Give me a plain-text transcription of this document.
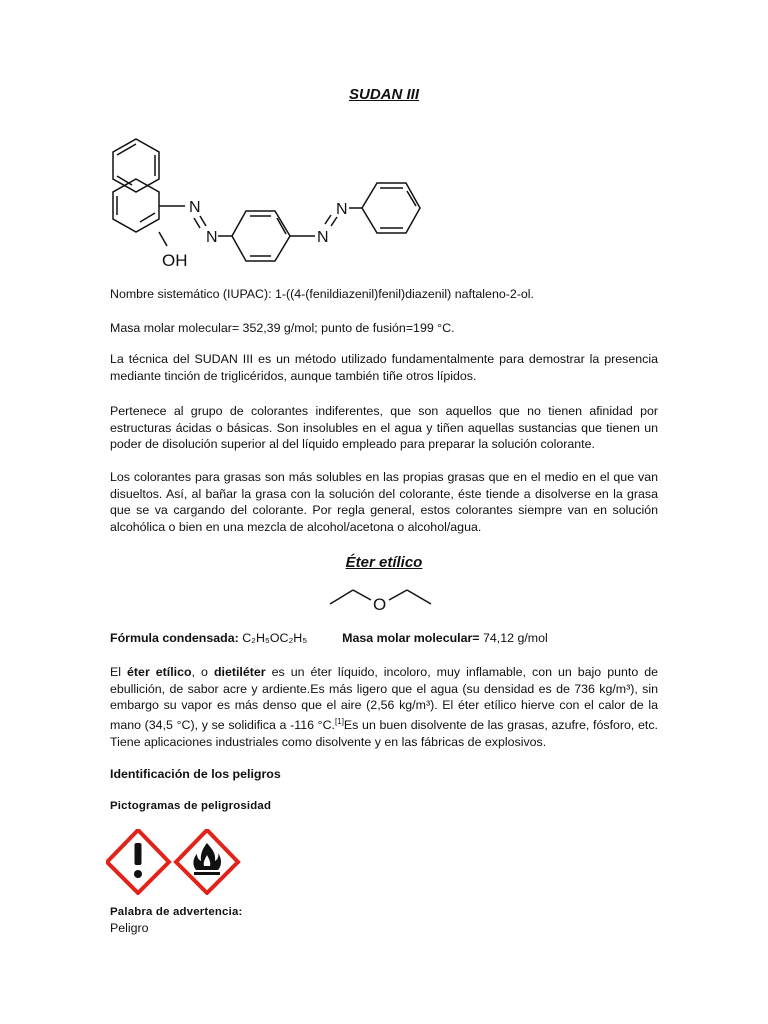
SUDAN III
N
N	N
N
OH
Nombre sistemático (IUPAC): 1-((4-(fenildiazenil)fenil)diazenil) naftaleno-2-ol.
Masa molar molecular= 352,39 g/mol; punto de fusión=199 °C.

La técnica del SUDAN III es un método utilizado fundamentalmente para demostrar la presencia mediante tinción de triglicéridos, aunque también tiñe otros lípidos.

Pertenece al grupo de colorantes indiferentes, que son aquellos que no tienen afinidad por estructuras ácidas o básicas. Son insolubles en el agua y tiñen aquellas sustancias que tienen un poder de disolución superior al del líquido empleado para preparar la solución colorante.

Los colorantes para grasas son más solubles en las propias grasas que en el medio en el que van disueltos. Así, al bañar la grasa con la solución del colorante, éste tiende a disolverse en la grasa que se va cargando del colorante. Por regla general, estos colorantes siempre van en solución alcohólica o bien en una mezcla de alcohol/acetona o alcohol/agua.

Éter etílico
O
Fórmula condensada: C₂H₅OC₂H₅	Masa molar molecular= 74,12 g/mol

El éter etílico, o dietiléter es un éter líquido, incoloro, muy inflamable, con un bajo punto de ebullición, de sabor acre y ardiente.Es más ligero que el agua (su densidad es de 736 kg/m³), sin embargo su vapor es más denso que el aire (2,56 kg/m³). El éter etílico hierve con el calor de la mano (34,5 °C), y se solidifica a -116 °C.[1]Es un buen disolvente de las grasas, azufre, fósforo, etc. Tiene aplicaciones industriales como disolvente y en las fábricas de explosivos.

Identificación de los peligros
Pictogramas de peligrosidad
Palabra de advertencia:
Peligro
